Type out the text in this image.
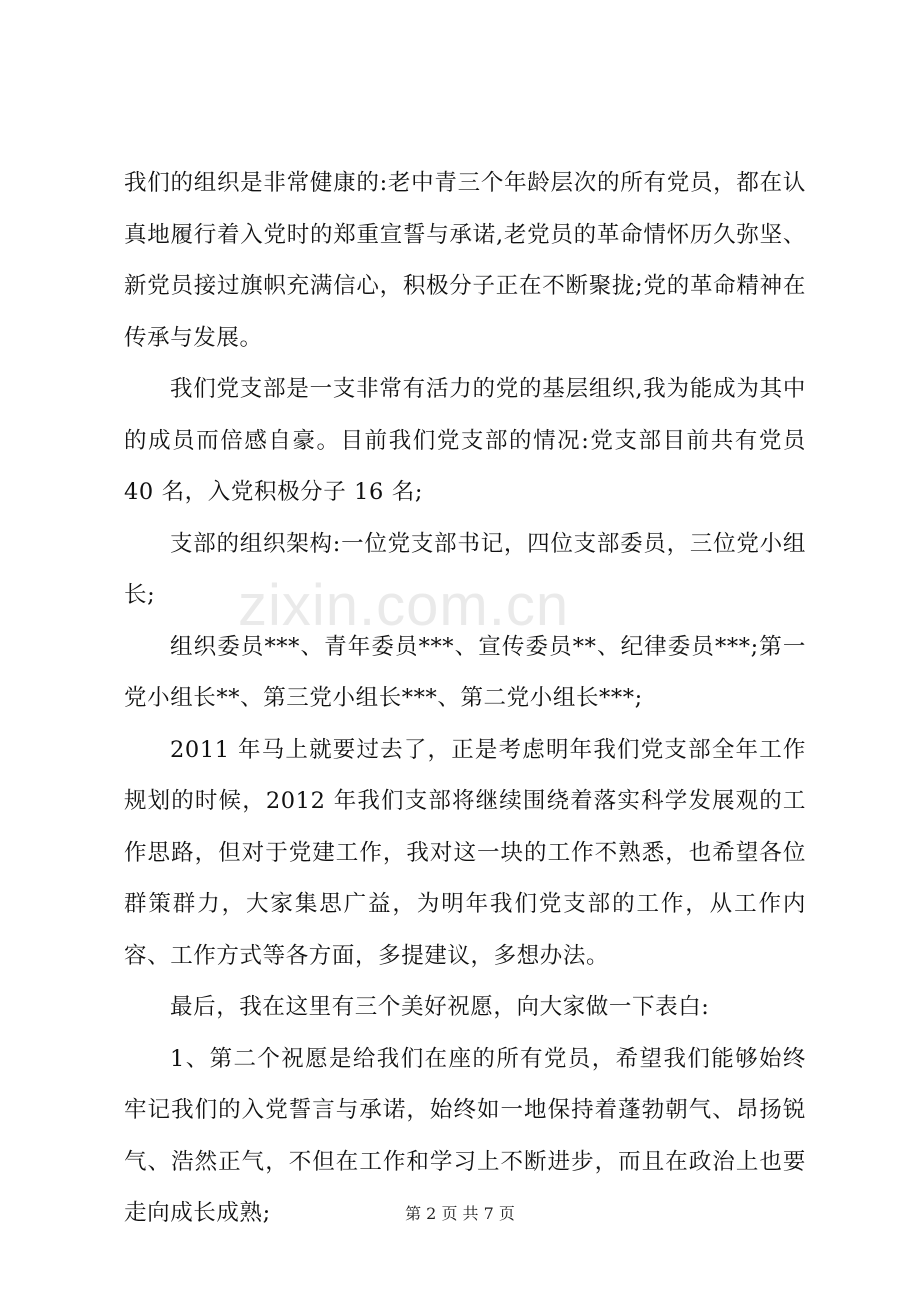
我们的组织是非常健康的:老中青三个年龄层次的所有党员，都在认真地履行着入党时的郑重宣誓与承诺,老党员的革命情怀历久弥坚、新党员接过旗帜充满信心，积极分子正在不断聚拢;党的革命精神在传承与发展。

我们党支部是一支非常有活力的党的基层组织,我为能成为其中的成员而倍感自豪。目前我们党支部的情况:党支部目前共有党员 40 名，入党积极分子 16 名;

支部的组织架构:一位党支部书记，四位支部委员，三位党小组长;

组织委员***、青年委员***、宣传委员**、纪律委员***;第一党小组长**、第三党小组长***、第二党小组长***;

2011 年马上就要过去了，正是考虑明年我们党支部全年工作规划的时候，2012 年我们支部将继续围绕着落实科学发展观的工作思路，但对于党建工作，我对这一块的工作不熟悉，也希望各位群策群力，大家集思广益，为明年我们党支部的工作，从工作内容、工作方式等各方面，多提建议，多想办法。

最后，我在这里有三个美好祝愿，向大家做一下表白:

1、第二个祝愿是给我们在座的所有党员，希望我们能够始终牢记我们的入党誓言与承诺，始终如一地保持着蓬勃朝气、昂扬锐气、浩然正气，不但在工作和学习上不断进步，而且在政治上也要走向成长成熟;

zixin.com.cn
第 2 页 共 7 页
